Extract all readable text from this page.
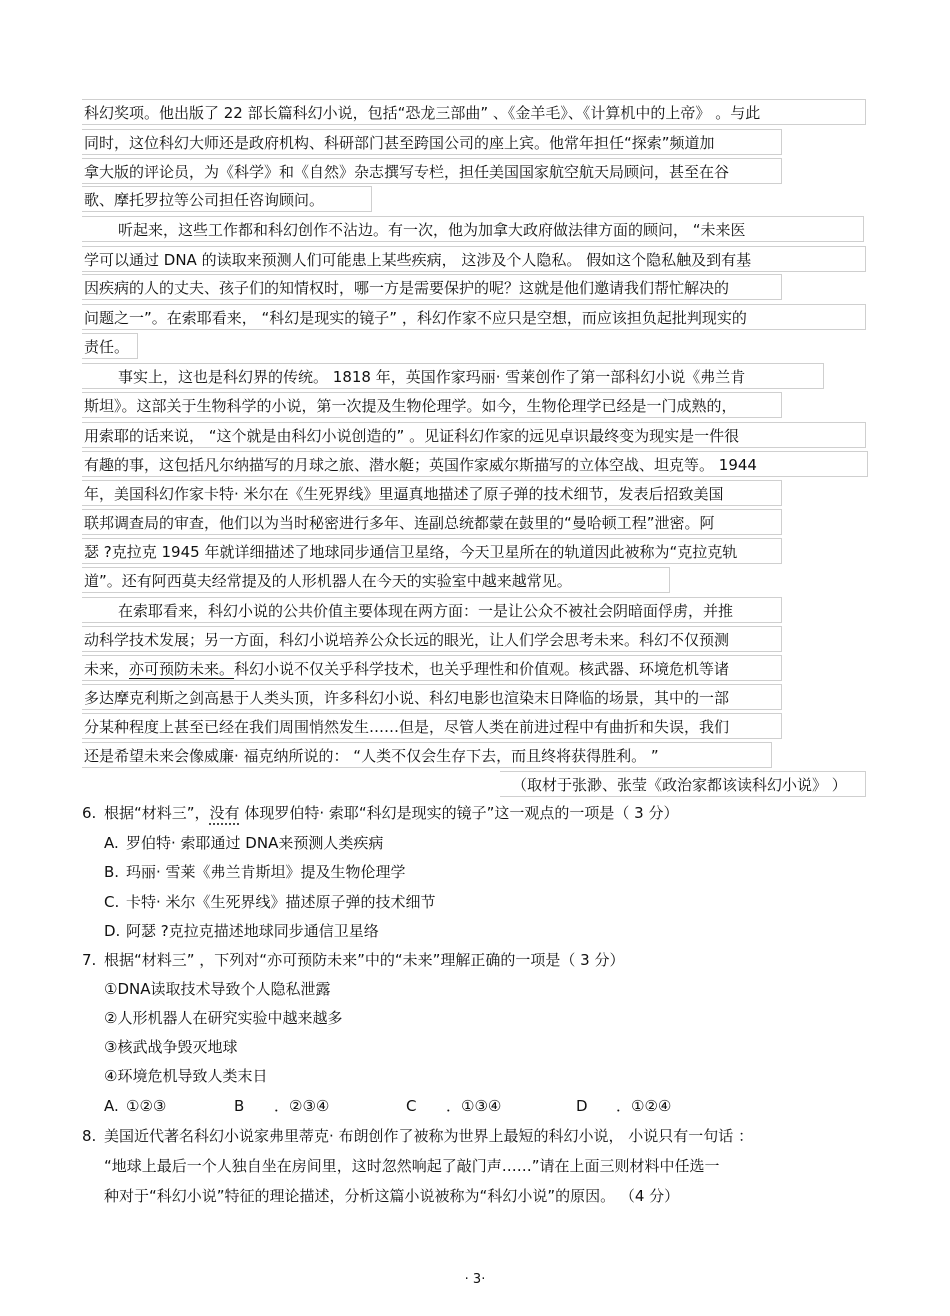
科幻奖项。他出版了 22 部长篇科幻小说，包括“恐龙三部曲” 、《金羊毛》、《计算机中的上帝》 。与此
同时，这位科幻大师还是政府机构、科研部门甚至跨国公司的座上宾。他常年担任“探索”频道加
拿大版的评论员，为《科学》和《自然》杂志撰写专栏，担任美国国家航空航天局顾问，甚至在谷
歌、摩托罗拉等公司担任咨询顾问。
听起来，这些工作都和科幻创作不沾边。有一次，他为加拿大政府做法律方面的顾问， “未来医
学可以通过 DNA 的读取来预测人们可能患上某些疾病， 这涉及个人隐私。 假如这个隐私触及到有基
因疾病的人的丈夫、孩子们的知情权时，哪一方是需要保护的呢？这就是他们邀请我们帮忙解决的
问题之一”。在索耶看来， “科幻是现实的镜子” ，科幻作家不应只是空想，而应该担负起批判现实的
责任。
事实上，这也是科幻界的传统。 1818 年，英国作家玛丽· 雪莱创作了第一部科幻小说《弗兰肯
斯坦》。这部关于生物科学的小说，第一次提及生物伦理学。如今，生物伦理学已经是一门成熟的，
用索耶的话来说， “这个就是由科幻小说创造的” 。见证科幻作家的远见卓识最终变为现实是一件很
有趣的事，这包括凡尔纳描写的月球之旅、潜水艇；英国作家威尔斯描写的立体空战、坦克等。 1944
年，美国科幻作家卡特· 米尔在《生死界线》里逼真地描述了原子弹的技术细节，发表后招致美国
联邦调查局的审查，他们以为当时秘密进行多年、连副总统都蒙在鼓里的“曼哈顿工程”泄密。阿
瑟 ?克拉克 1945 年就详细描述了地球同步通信卫星络，今天卫星所在的轨道因此被称为“克拉克轨
道”。还有阿西莫夫经常提及的人形机器人在今天的实验室中越来越常见。
在索耶看来，科幻小说的公共价值主要体现在两方面：一是让公众不被社会阴暗面俘虏，并推
动科学技术发展；另一方面，科幻小说培养公众长远的眼光，让人们学会思考未来。科幻不仅预测
未来，亦可预防未来。科幻小说不仅关乎科学技术，也关乎理性和价值观。核武器、环境危机等诸
多达摩克利斯之剑高悬于人类头顶，许多科幻小说、科幻电影也渲染末日降临的场景，其中的一部
分某种程度上甚至已经在我们周围悄然发生……但是，尽管人类在前进过程中有曲折和失误，我们
还是希望未来会像威廉· 福克纳所说的： “人类不仅会生存下去，而且终将获得胜利。 ”
（取材于张渺、张莹《政治家都该读科幻小说》 ）
6. 根据“材料三”，没有 体现罗伯特· 索耶“科幻是现实的镜子”这一观点的一项是（ 3 分）
A. 罗伯特· 索耶通过 DNA来预测人类疾病
B. 玛丽· 雪莱《弗兰肯斯坦》提及生物伦理学
C. 卡特· 米尔《生死界线》描述原子弹的技术细节
D. 阿瑟 ?克拉克描述地球同步通信卫星络
7. 根据“材料三” ，下列对“亦可预防未来”中的“未来”理解正确的一项是（ 3 分）
①DNA读取技术导致个人隐私泄露
②人形机器人在研究实验中越来越多
③核武战争毁灭地球
④环境危机导致人类末日
A. ①②③	B ．②③④	C ．①③④	D ．①②④
8. 美国近代著名科幻小说家弗里蒂克· 布朗创作了被称为世界上最短的科幻小说， 小说只有一句话 ：
“地球上最后一个人独自坐在房间里，这时忽然响起了敲门声……”请在上面三则材料中任选一
种对于“科幻小说”特征的理论描述，分析这篇小说被称为“科幻小说”的原因。 （4 分）
· 3·
